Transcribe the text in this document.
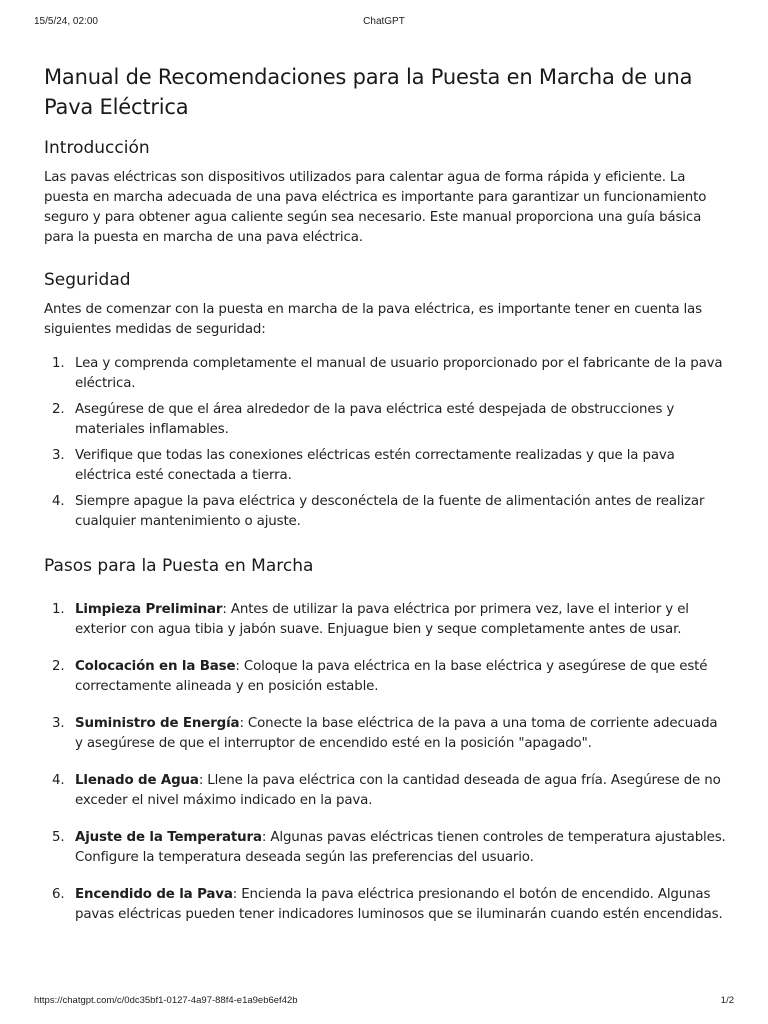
15/5/24, 02:00	ChatGPT
Manual de Recomendaciones para la Puesta en Marcha de una Pava Eléctrica
Introducción

Las pavas eléctricas son dispositivos utilizados para calentar agua de forma rápida y eficiente. La puesta en marcha adecuada de una pava eléctrica es importante para garantizar un funcionamiento seguro y para obtener agua caliente según sea necesario. Este manual proporciona una guía básica para la puesta en marcha de una pava eléctrica.

Seguridad

Antes de comenzar con la puesta en marcha de la pava eléctrica, es importante tener en cuenta las siguientes medidas de seguridad:

1. Lea y comprenda completamente el manual de usuario proporcionado por el fabricante de la pava eléctrica.
2. Asegúrese de que el área alrededor de la pava eléctrica esté despejada de obstrucciones y materiales inflamables.
3. Verifique que todas las conexiones eléctricas estén correctamente realizadas y que la pava eléctrica esté conectada a tierra.
4. Siempre apague la pava eléctrica y desconéctela de la fuente de alimentación antes de realizar cualquier mantenimiento o ajuste.
Pasos para la Puesta en Marcha
1. Limpieza Preliminar: Antes de utilizar la pava eléctrica por primera vez, lave el interior y el exterior con agua tibia y jabón suave. Enjuague bien y seque completamente antes de usar.
2. Colocación en la Base: Coloque la pava eléctrica en la base eléctrica y asegúrese de que esté correctamente alineada y en posición estable.
3. Suministro de Energía: Conecte la base eléctrica de la pava a una toma de corriente adecuada y asegúrese de que el interruptor de encendido esté en la posición "apagado".
4. Llenado de Agua: Llene la pava eléctrica con la cantidad deseada de agua fría. Asegúrese de no exceder el nivel máximo indicado en la pava.
5. Ajuste de la Temperatura: Algunas pavas eléctricas tienen controles de temperatura ajustables. Configure la temperatura deseada según las preferencias del usuario.
6. Encendido de la Pava: Encienda la pava eléctrica presionando el botón de encendido. Algunas pavas eléctricas pueden tener indicadores luminosos que se iluminarán cuando estén encendidas.
https://chatgpt.com/c/0dc35bf1-0127-4a97-88f4-e1a9eb6ef42b	1/2
